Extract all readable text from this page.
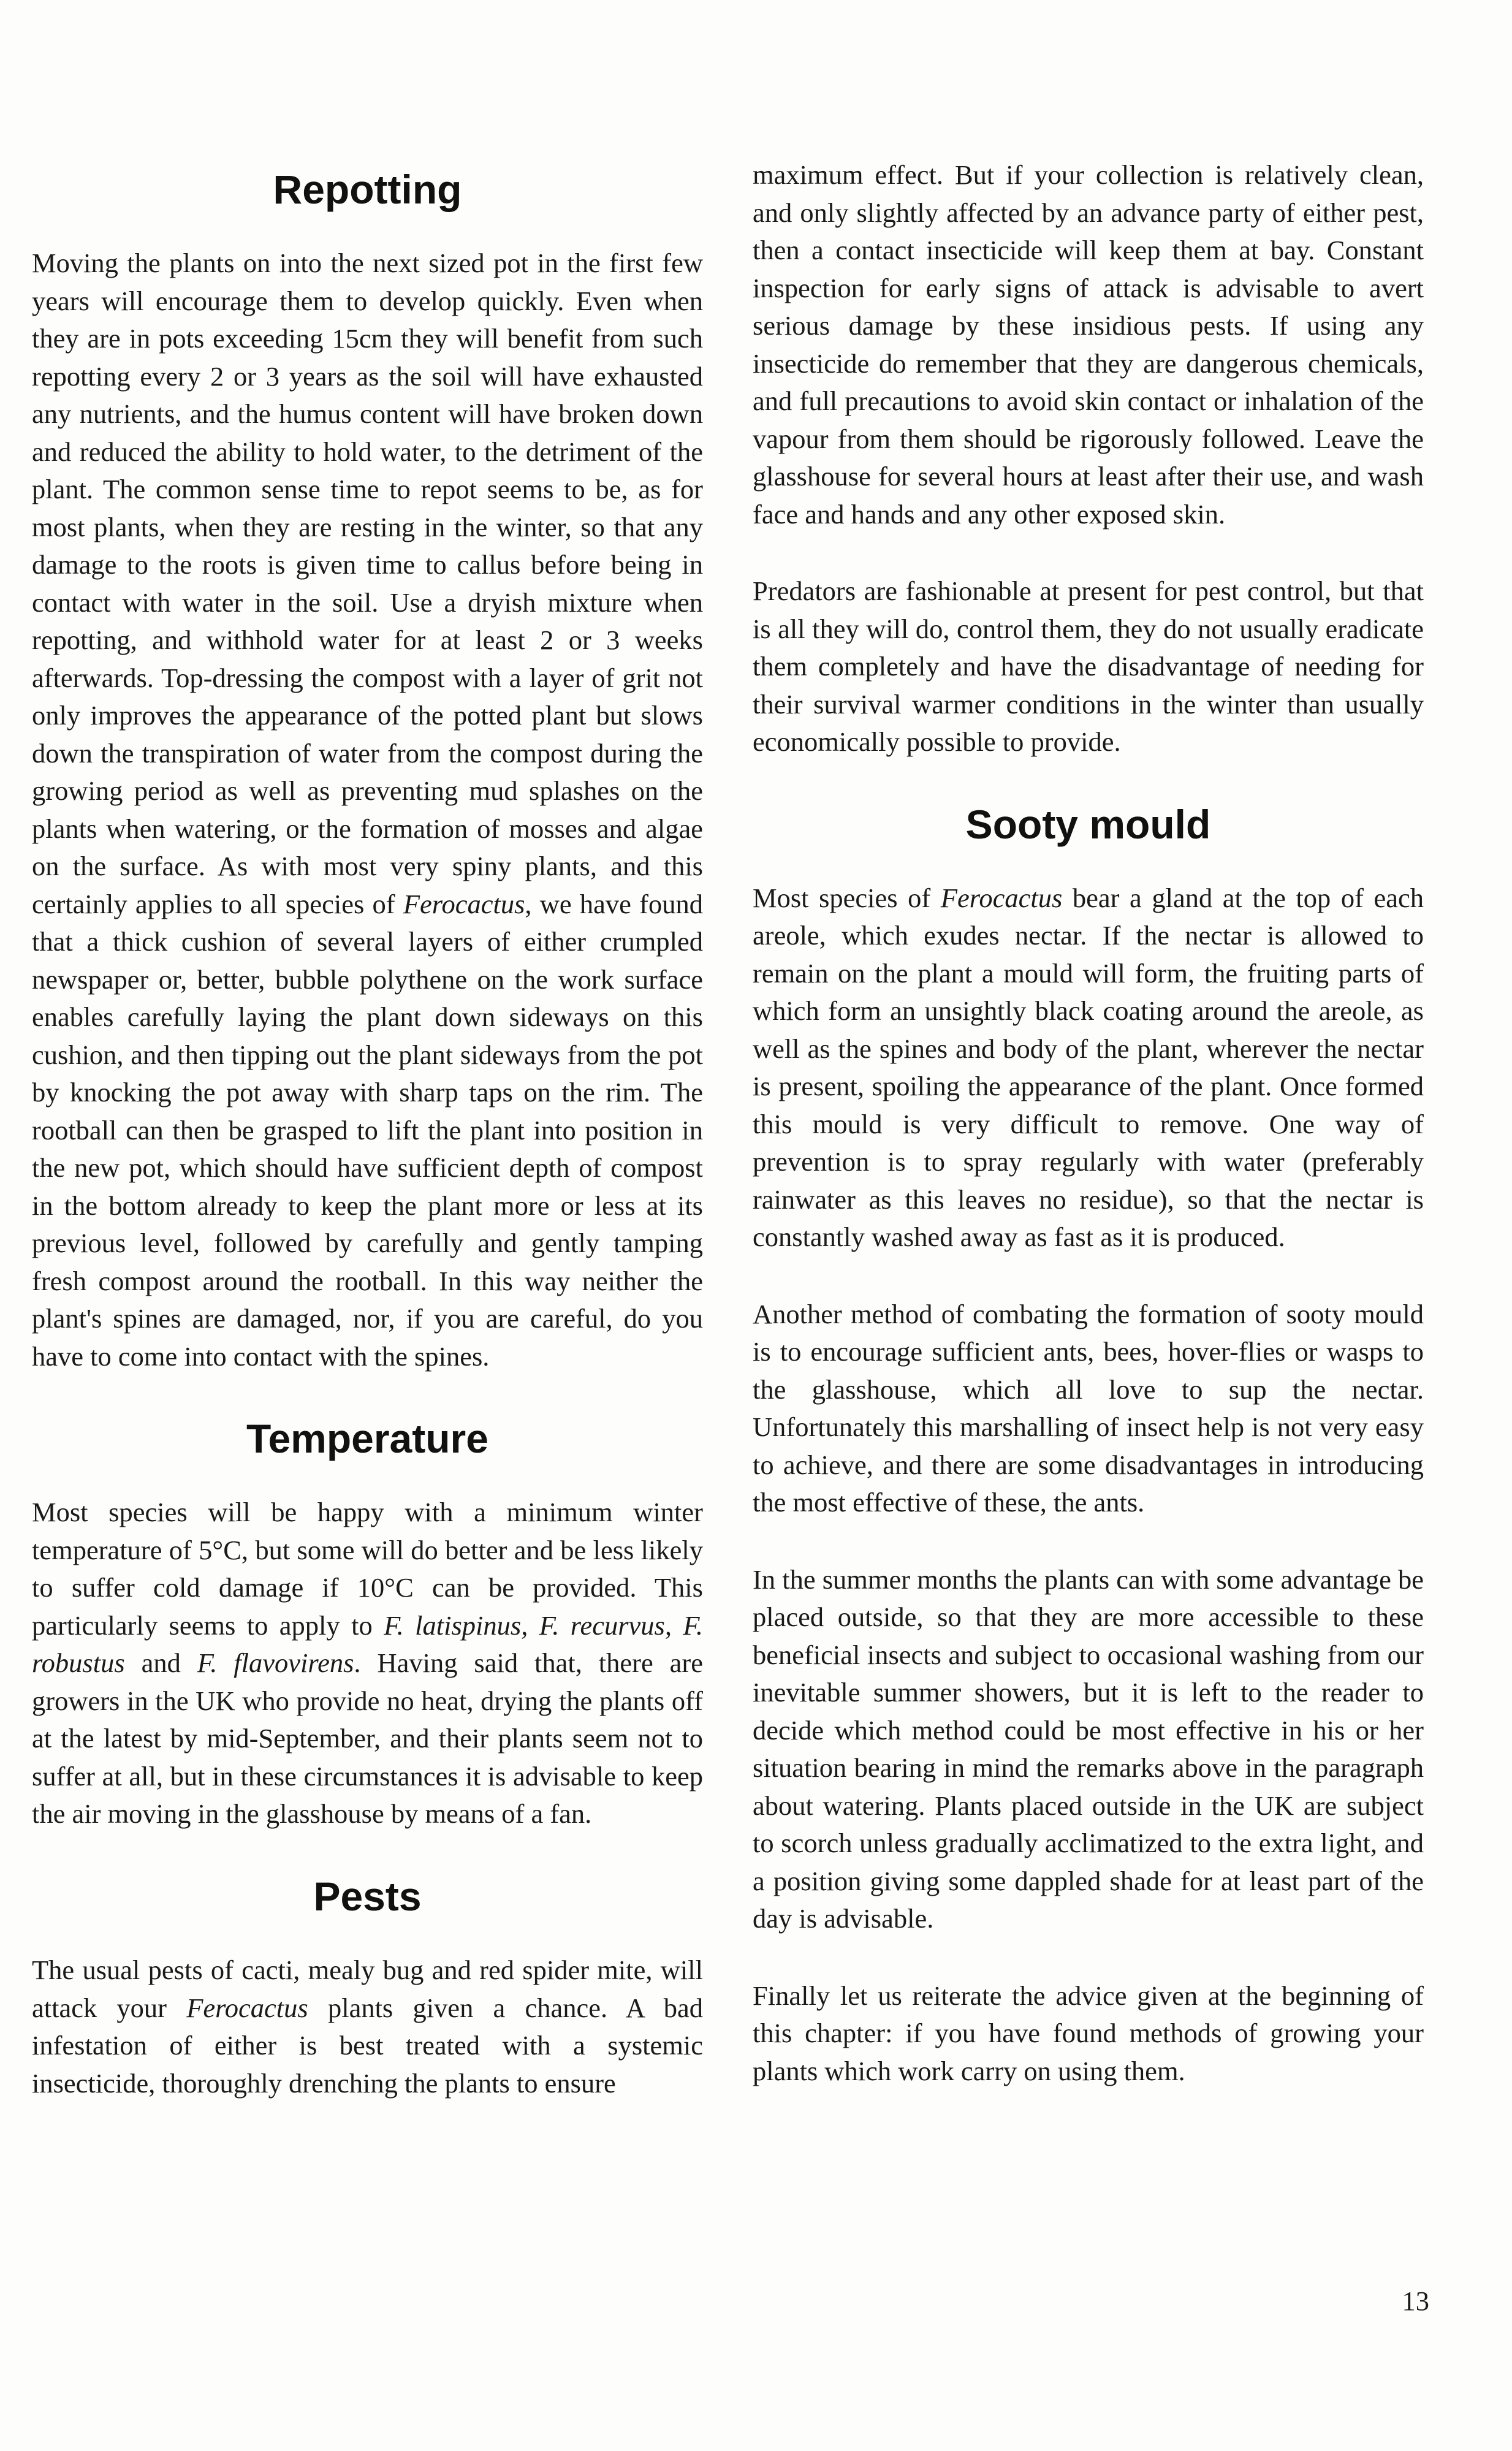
Repotting

Moving the plants on into the next sized pot in the first few years will encourage them to develop quickly. Even when they are in pots exceeding 15cm they will benefit from such repotting every 2 or 3 years as the soil will have exhausted any nutrients, and the humus content will have broken down and reduced the ability to hold water, to the detriment of the plant. The common sense time to repot seems to be, as for most plants, when they are resting in the winter, so that any damage to the roots is given time to callus before being in contact with water in the soil. Use a dryish mixture when repotting, and withhold water for at least 2 or 3 weeks afterwards. Top-dressing the compost with a layer of grit not only improves the appearance of the potted plant but slows down the transpiration of water from the compost during the growing period as well as preventing mud splashes on the plants when watering, or the formation of mosses and algae on the surface. As with most very spiny plants, and this certainly applies to all species of Ferocactus, we have found that a thick cushion of several layers of either crumpled newspaper or, better, bubble polythene on the work surface enables carefully laying the plant down sideways on this cushion, and then tipping out the plant sideways from the pot by knocking the pot away with sharp taps on the rim. The rootball can then be grasped to lift the plant into position in the new pot, which should have sufficient depth of compost in the bottom already to keep the plant more or less at its previous level, followed by carefully and gently tamping fresh compost around the rootball. In this way neither the plant's spines are damaged, nor, if you are careful, do you have to come into contact with the spines.

Temperature

Most species will be happy with a minimum winter temperature of 5°C, but some will do better and be less likely to suffer cold damage if 10°C can be provided. This particularly seems to apply to F. latispinus, F. recurvus, F. robustus and F. flavovirens. Having said that, there are growers in the UK who provide no heat, drying the plants off at the latest by mid-September, and their plants seem not to suffer at all, but in these circumstances it is advisable to keep the air moving in the glasshouse by means of a fan.

Pests

The usual pests of cacti, mealy bug and red spider mite, will attack your Ferocactus plants given a chance. A bad infestation of either is best treated with a systemic insecticide, thoroughly drenching the plants to ensure

maximum effect. But if your collection is relatively clean, and only slightly affected by an advance party of either pest, then a contact insecticide will keep them at bay. Constant inspection for early signs of attack is advisable to avert serious damage by these insidious pests. If using any insecticide do remember that they are dangerous chemicals, and full precautions to avoid skin contact or inhalation of the vapour from them should be rigorously followed. Leave the glasshouse for several hours at least after their use, and wash face and hands and any other exposed skin.

Predators are fashionable at present for pest control, but that is all they will do, control them, they do not usually eradicate them completely and have the disadvantage of needing for their survival warmer conditions in the winter than usually economically possible to provide.

Sooty mould

Most species of Ferocactus bear a gland at the top of each areole, which exudes nectar. If the nectar is allowed to remain on the plant a mould will form, the fruiting parts of which form an unsightly black coating around the areole, as well as the spines and body of the plant, wherever the nectar is present, spoiling the appearance of the plant. Once formed this mould is very difficult to remove. One way of prevention is to spray regularly with water (preferably rainwater as this leaves no residue), so that the nectar is constantly washed away as fast as it is produced.

Another method of combating the formation of sooty mould is to encourage sufficient ants, bees, hover-flies or wasps to the glasshouse, which all love to sup the nectar. Unfortunately this marshalling of insect help is not very easy to achieve, and there are some disadvantages in introducing the most effective of these, the ants.

In the summer months the plants can with some advantage be placed outside, so that they are more accessible to these beneficial insects and subject to occasional washing from our inevitable summer showers, but it is left to the reader to decide which method could be most effective in his or her situation bearing in mind the remarks above in the paragraph about watering. Plants placed outside in the UK are subject to scorch unless gradually acclimatized to the extra light, and a position giving some dappled shade for at least part of the day is advisable.

Finally let us reiterate the advice given at the beginning of this chapter: if you have found methods of growing your plants which work carry on using them.

13
